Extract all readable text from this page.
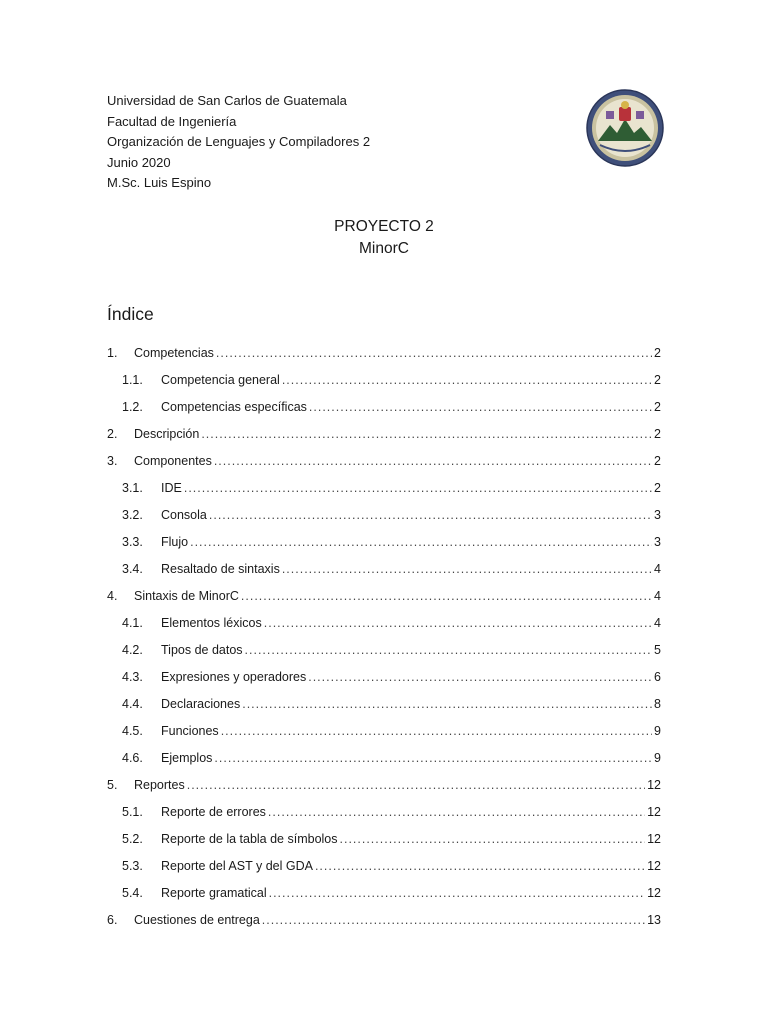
Universidad de San Carlos de Guatemala
Facultad de Ingeniería
Organización de Lenguajes y Compiladores 2
Junio 2020
M.Sc. Luis Espino
PROYECTO 2
MinorC
Índice
1.	Competencias .....	2
1.1.	Competencia general .....	2
1.2.	Competencias específicas .....	2
2.	Descripción .....	2
3.	Componentes .....	2
3.1.	IDE .....	2
3.2.	Consola .....	3
3.3.	Flujo .....	3
3.4.	Resaltado de sintaxis .....	4
4.	Sintaxis de MinorC .....	4
4.1.	Elementos léxicos .....	4
4.2.	Tipos de datos .....	5
4.3.	Expresiones y operadores .....	6
4.4.	Declaraciones .....	8
4.5.	Funciones .....	9
4.6.	Ejemplos .....	9
5.	Reportes .....	12
5.1.	Reporte de errores .....	12
5.2.	Reporte de la tabla de símbolos .....	12
5.3.	Reporte del AST y del GDA .....	12
5.4.	Reporte gramatical .....	12
6.	Cuestiones de entrega .....	13
